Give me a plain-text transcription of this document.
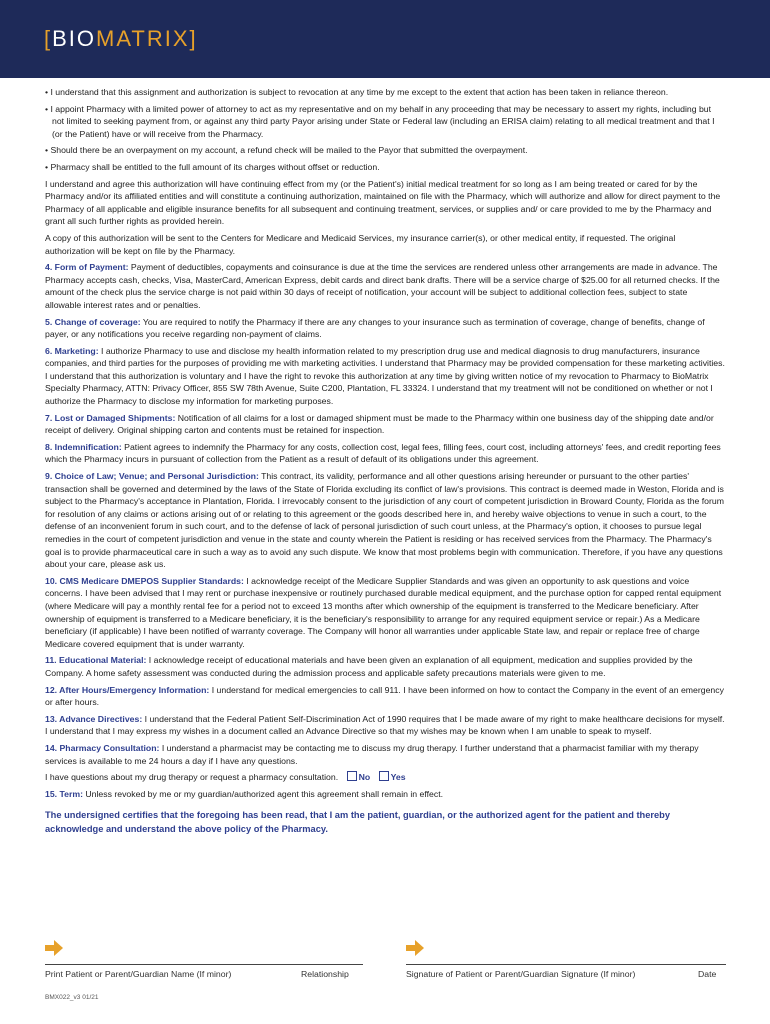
[BIOMATRIX]

• I understand that this assignment and authorization is subject to revocation at any time by me except to the extent that action has been taken in reliance thereon.

• I appoint Pharmacy with a limited power of attorney to act as my representative and on my behalf in any proceeding that may be necessary to assert my rights, including but not limited to seeking payment from, or against any third party Payor arising under State or Federal law (including an ERISA claim) relating to all medical treatment and that I (or the Patient) have or will receive from the Pharmacy.

• Should there be an overpayment on my account, a refund check will be mailed to the Payor that submitted the overpayment.

• Pharmacy shall be entitled to the full amount of its charges without offset or reduction.

I understand and agree this authorization will have continuing effect from my (or the Patient's) initial medical treatment for so long as I am being treated or cared for by the Pharmacy and/or its affiliated entities and will constitute a continuing authorization, maintained on file with the Pharmacy, which will authorize and allow for direct payment to the Pharmacy of all applicable and eligible insurance benefits for all subsequent and continuing treatment, services, or supplies and/ or care provided to me by the Pharmacy and grant all such further rights as provided herein.

A copy of this authorization will be sent to the Centers for Medicare and Medicaid Services, my insurance carrier(s), or other medical entity, if requested. The original authorization will be kept on file by the Pharmacy.

4. Form of Payment: Payment of deductibles, copayments and coinsurance is due at the time the services are rendered unless other arrangements are made in advance. The Pharmacy accepts cash, checks, Visa, MasterCard, American Express, debit cards and direct bank drafts. There will be a service charge of $25.00 for all returned checks. If the amount of the check plus the service charge is not paid within 30 days of receipt of notification, your account will be subject to additional collection fees, subject to state allowable interest rates and or penalties.

5. Change of coverage: You are required to notify the Pharmacy if there are any changes to your insurance such as termination of coverage, change of benefits, change of payer, or any notifications you receive regarding non-payment of claims.

6. Marketing: I authorize Pharmacy to use and disclose my health information related to my prescription drug use and medical diagnosis to drug manufacturers, insurance companies, and third parties for the purposes of providing me with marketing activities. I understand that Pharmacy may be provided compensation for these marketing activities. I understand that this authorization is voluntary and I have the right to revoke this authorization at any time by giving written notice of my revocation to Pharmacy to BioMatrix Specialty Pharmacy, ATTN: Privacy Officer, 855 SW 78th Avenue, Suite C200, Plantation, FL 33324. I understand that my treatment will not be conditioned on whether or not I authorize the Pharmacy to disclose my information for marketing purposes.

7. Lost or Damaged Shipments: Notification of all claims for a lost or damaged shipment must be made to the Pharmacy within one business day of the shipping date and/or receipt of delivery. Original shipping carton and contents must be retained for inspection.

8. Indemnification: Patient agrees to indemnify the Pharmacy for any costs, collection cost, legal fees, filling fees, court cost, including attorneys' fees, and credit reporting fees which the Pharmacy incurs in pursuant of collection from the Patient as a result of default of its obligations under this agreement.

9. Choice of Law; Venue; and Personal Jurisdiction: This contract, its validity, performance and all other questions arising hereunder or pursuant to the other parties' transaction shall be governed and determined by the laws of the State of Florida excluding its conflict of law's provisions. This contract is deemed made in Weston, Florida and is subject to the Pharmacy's acceptance in Plantation, Florida. I irrevocably consent to the jurisdiction of any court of competent jurisdiction in Broward County, Florida as the forum for resolution of any claims or actions arising out of or relating to this agreement or the goods described here in, and hereby waive objections to venue in such a court, to the defense of an inconvenient forum in such court, and to the defense of lack of personal jurisdiction of such court unless, at the Pharmacy's option, it chooses to pursue legal remedies in the court of competent jurisdiction and venue in the state and county wherein the Patient is residing or has received services from the Pharmacy. The Pharmacy's goal is to provide pharmaceutical care in such a way as to avoid any such dispute. We know that most problems begin with communication. Therefore, if you have any questions about your care, please ask us.

10. CMS Medicare DMEPOS Supplier Standards: I acknowledge receipt of the Medicare Supplier Standards and was given an opportunity to ask questions and voice concerns. I have been advised that I may rent or purchase inexpensive or routinely purchased durable medical equipment, and the purchase option for capped rental equipment (where Medicare will pay a monthly rental fee for a period not to exceed 13 months after which ownership of the equipment is transferred to the Medicare beneficiary. After ownership of equipment is transferred to a Medicare beneficiary, it is the beneficiary's responsibility to arrange for any required equipment service or repair.) As a Medicare beneficiary (if applicable) I have been notified of warranty coverage. The Company will honor all warranties under applicable State law, and repair or replace free of charge Medicare covered equipment that is under warranty.

11. Educational Material: I acknowledge receipt of educational materials and have been given an explanation of all equipment, medication and supplies provided by the Company. A home safety assessment was conducted during the admission process and applicable safety precautions materials were given to me.

12. After Hours/Emergency Information: I understand for medical emergencies to call 911. I have been informed on how to contact the Company in the event of an emergency or after hours.

13. Advance Directives: I understand that the Federal Patient Self-Discrimination Act of 1990 requires that I be made aware of my right to make healthcare decisions for myself. I understand that I may express my wishes in a document called an Advance Directive so that my wishes may be known when I am unable to speak to myself.

14. Pharmacy Consultation: I understand a pharmacist may be contacting me to discuss my drug therapy. I further understand that a pharmacist familiar with my therapy services is available to me 24 hours a day if I have any questions.

I have questions about my drug therapy or request a pharmacy consultation. No Yes

15. Term: Unless revoked by me or my guardian/authorized agent this agreement shall remain in effect.

The undersigned certifies that the foregoing has been read, that I am the patient, guardian, or the authorized agent for the patient and thereby acknowledge and understand the above policy of the Pharmacy.

Print Patient or Parent/Guardian Name (If minor)	Relationship	Signature of Patient or Parent/Guardian Signature (If minor)	Date
BMX022_v3 01/21
